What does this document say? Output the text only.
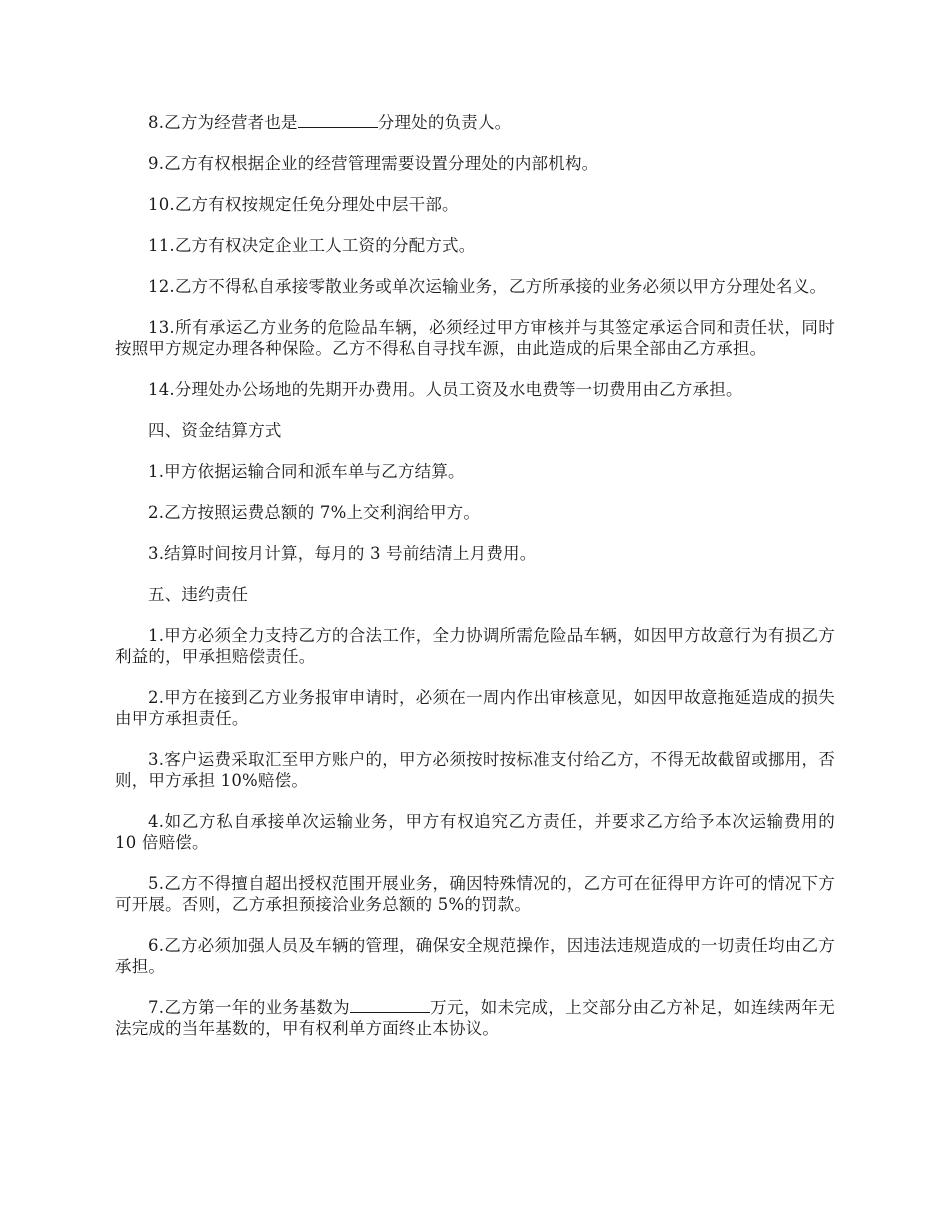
8.乙方为经营者也是	分理处的负责人。

9.乙方有权根据企业的经营管理需要设置分理处的内部机构。

10.乙方有权按规定任免分理处中层干部。

11.乙方有权决定企业工人工资的分配方式。

12.乙方不得私自承接零散业务或单次运输业务，乙方所承接的业务必须以甲方分理处名义。

13.所有承运乙方业务的危险品车辆，必须经过甲方审核并与其签定承运合同和责任状，同时按照甲方规定办理各种保险。乙方不得私自寻找车源，由此造成的后果全部由乙方承担。

14.分理处办公场地的先期开办费用。人员工资及水电费等一切费用由乙方承担。

四、资金结算方式

1.甲方依据运输合同和派车单与乙方结算。

2.乙方按照运费总额的 7%上交利润给甲方。

3.结算时间按月计算，每月的 3 号前结清上月费用。

五、违约责任

1.甲方必须全力支持乙方的合法工作，全力协调所需危险品车辆，如因甲方故意行为有损乙方利益的，甲承担赔偿责任。

2.甲方在接到乙方业务报审申请时，必须在一周内作出审核意见，如因甲故意拖延造成的损失由甲方承担责任。

3.客户运费采取汇至甲方账户的，甲方必须按时按标准支付给乙方，不得无故截留或挪用，否则，甲方承担 10%赔偿。

4.如乙方私自承接单次运输业务，甲方有权追究乙方责任，并要求乙方给予本次运输费用的 10 倍赔偿。

5.乙方不得擅自超出授权范围开展业务，确因特殊情况的，乙方可在征得甲方许可的情况下方可开展。否则，乙方承担预接洽业务总额的 5%的罚款。

6.乙方必须加强人员及车辆的管理，确保安全规范操作，因违法违规造成的一切责任均由乙方承担。

7.乙方第一年的业务基数为	万元，如未完成，上交部分由乙方补足，如连续两年无法完成的当年基数的，甲有权利单方面终止本协议。
